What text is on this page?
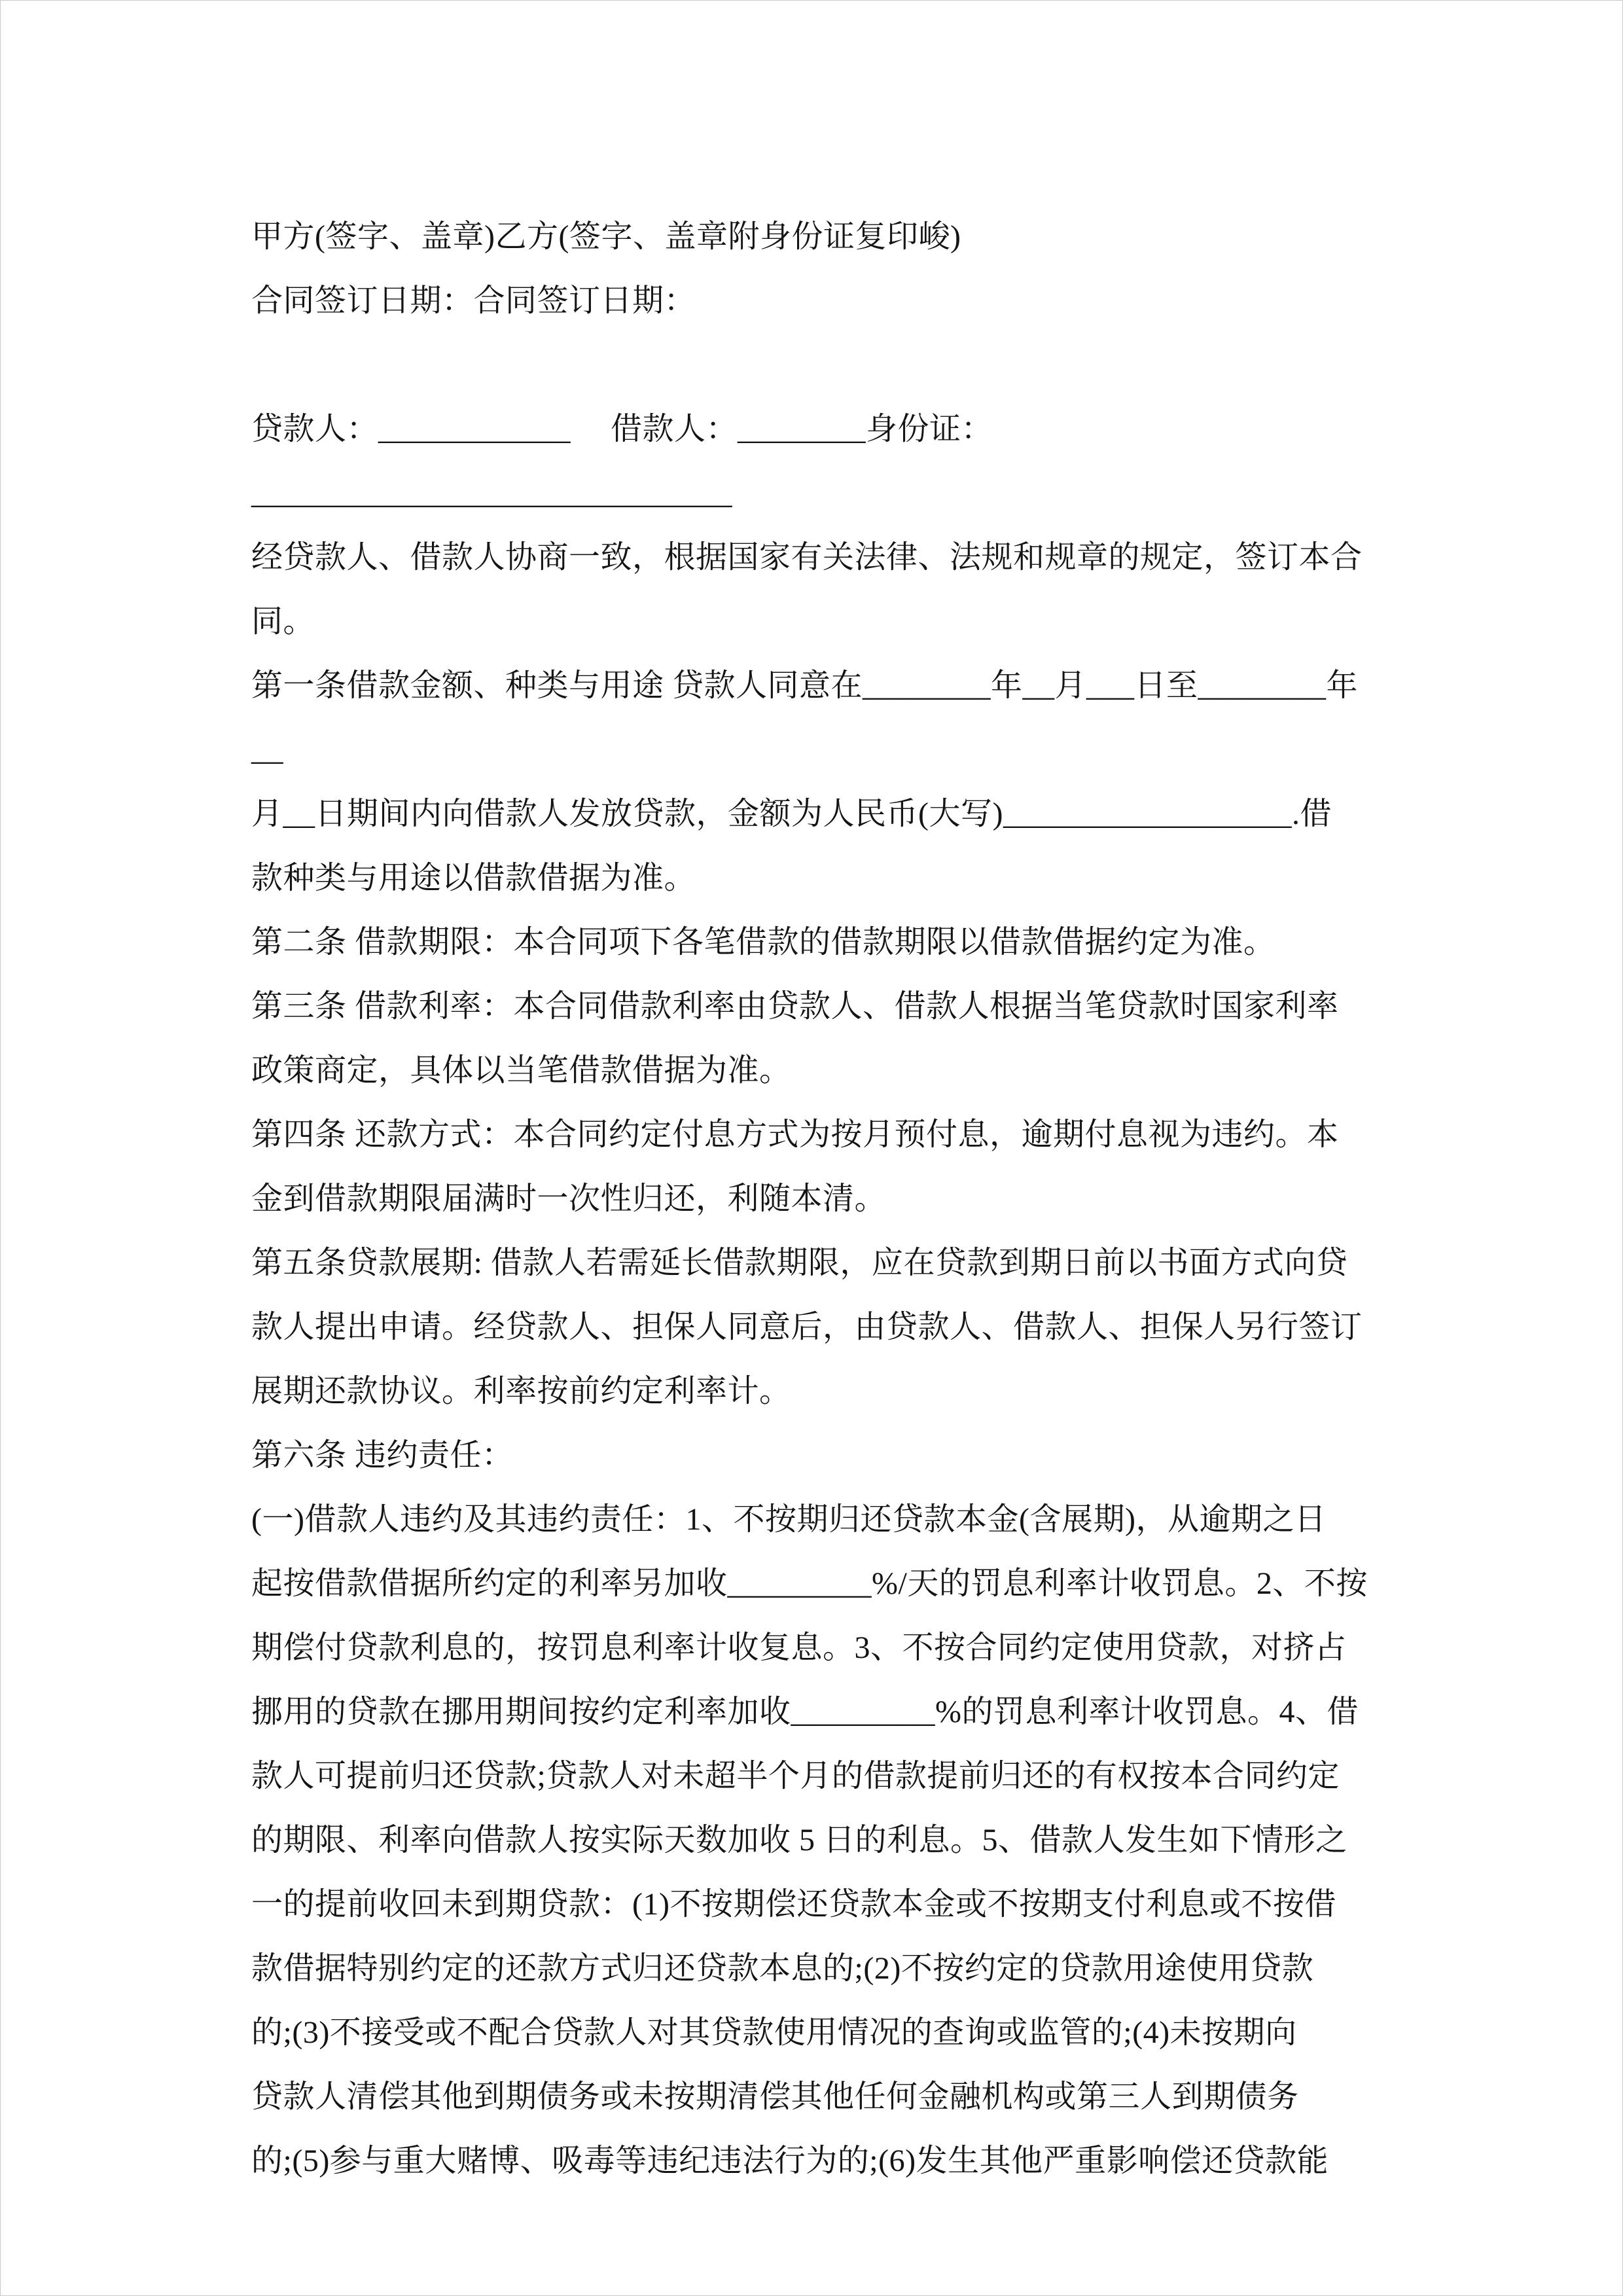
甲方(签字、盖章)乙方(签字、盖章附身份证复印峻)
合同签订日期：合同签订日期：
贷款人：____________　 借款人：________身份证：______________________________
经贷款人、借款人协商一致，根据国家有关法律、法规和规章的规定，签订本合
同。
第一条借款金额、种类与用途 贷款人同意在________年__月___日至________年__
月__日期间内向借款人发放贷款，金额为人民币(大写)__________________.借
款种类与用途以借款借据为准。
第二条 借款期限：本合同项下各笔借款的借款期限以借款借据约定为准。
第三条 借款利率：本合同借款利率由贷款人、借款人根据当笔贷款时国家利率
政策商定，具体以当笔借款借据为准。
第四条 还款方式：本合同约定付息方式为按月预付息，逾期付息视为违约。本
金到借款期限届满时一次性归还，利随本清。
第五条贷款展期: 借款人若需延长借款期限，应在贷款到期日前以书面方式向贷
款人提出申请。经贷款人、担保人同意后，由贷款人、借款人、担保人另行签订
展期还款协议。利率按前约定利率计。
第六条 违约责任：
(一)借款人违约及其违约责任：1、不按期归还贷款本金(含展期)，从逾期之日
起按借款借据所约定的利率另加收_________%/天的罚息利率计收罚息。2、不按
期偿付贷款利息的，按罚息利率计收复息。3、不按合同约定使用贷款，对挤占
挪用的贷款在挪用期间按约定利率加收_________%的罚息利率计收罚息。4、借
款人可提前归还贷款;贷款人对未超半个月的借款提前归还的有权按本合同约定
的期限、利率向借款人按实际天数加收 5 日的利息。5、借款人发生如下情形之
一的提前收回未到期贷款：(1)不按期偿还贷款本金或不按期支付利息或不按借
款借据特别约定的还款方式归还贷款本息的;(2)不按约定的贷款用途使用贷款
的;(3)不接受或不配合贷款人对其贷款使用情况的查询或监管的;(4)未按期向
贷款人清偿其他到期债务或未按期清偿其他任何金融机构或第三人到期债务
的;(5)参与重大赌博、吸毒等违纪违法行为的;(6)发生其他严重影响偿还贷款能
